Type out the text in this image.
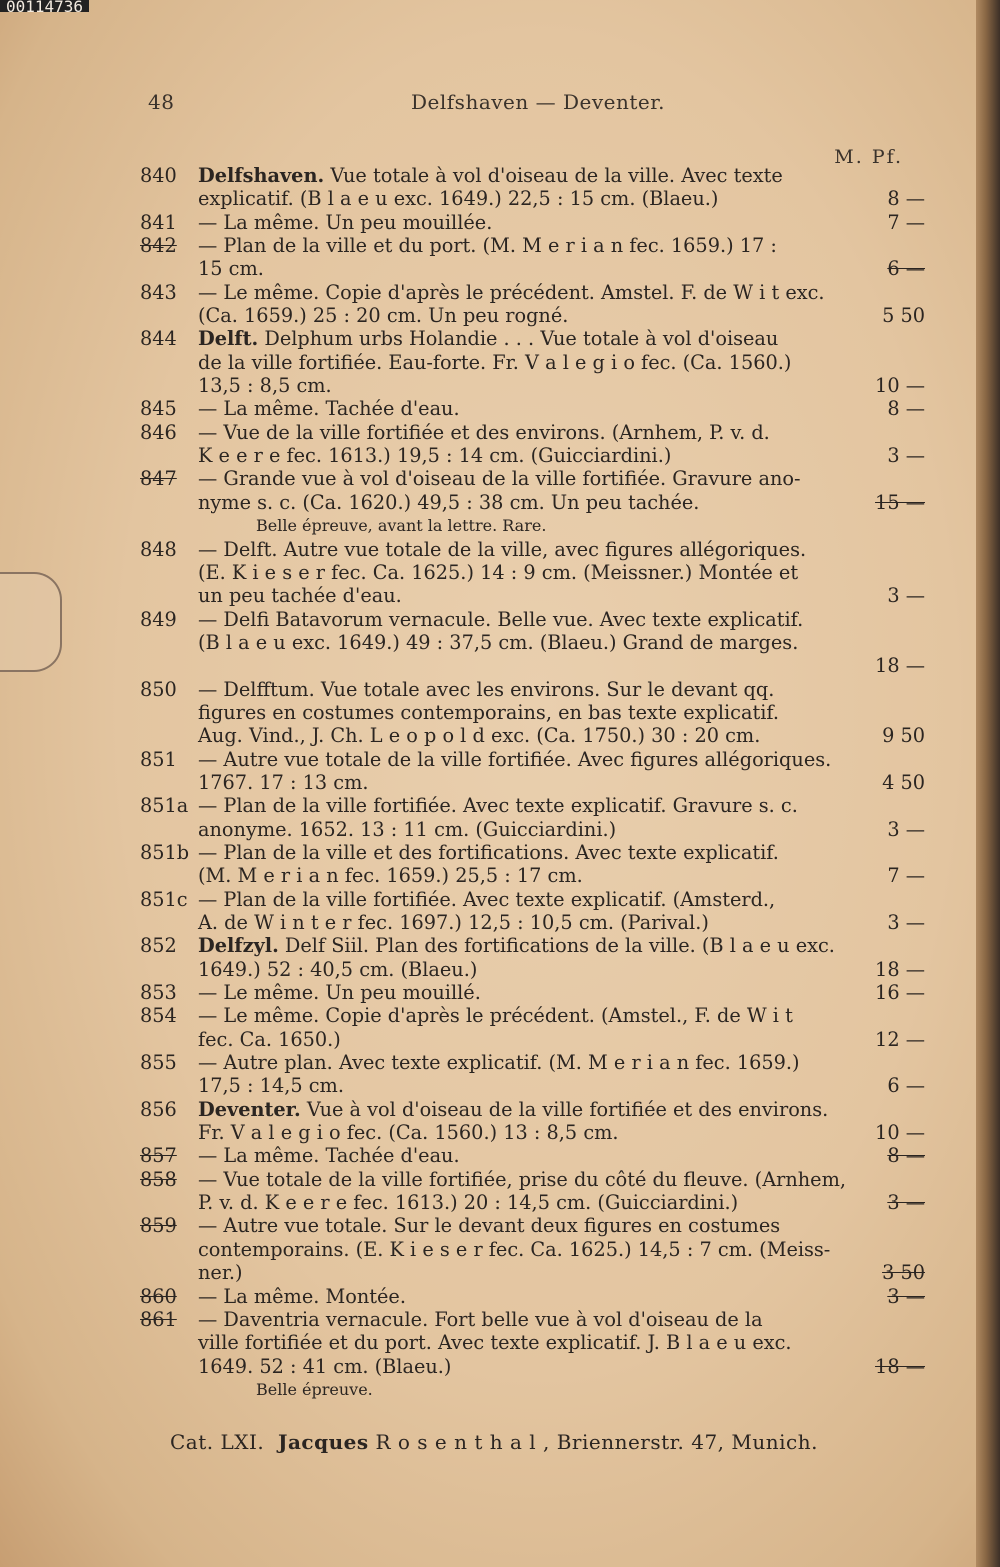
00114736
48	Delfshaven — Deventer.
M. Pf.
840	Delfshaven. Vue totale à vol d'oiseau de la ville. Avec texte
explicatif. (B l a e u exc. 1649.) 22,5 : 15 cm. (Blaeu.)	8 —
841	— La même. Un peu mouillée.	7 —
842	— Plan de la ville et du port. (M. M e r i a n fec. 1659.) 17 :
15 cm.	6 —
843	— Le même. Copie d'après le précédent. Amstel. F. de W i t exc.
(Ca. 1659.) 25 : 20 cm. Un peu rogné.	5 50
844	Delft. Delphum urbs Holandie . . . Vue totale à vol d'oiseau
de la ville fortifiée. Eau-forte. Fr. V a l e g i o fec. (Ca. 1560.)
13,5 : 8,5 cm.	10 —
845	— La même. Tachée d'eau.	8 —
846	— Vue de la ville fortifiée et des environs. (Arnhem, P. v. d.
K e e r e fec. 1613.) 19,5 : 14 cm. (Guicciardini.)	3 —
847	— Grande vue à vol d'oiseau de la ville fortifiée. Gravure ano-
nyme s. c. (Ca. 1620.) 49,5 : 38 cm. Un peu tachée.	15 —
Belle épreuve, avant la lettre. Rare.
848	— Delft. Autre vue totale de la ville, avec figures allégoriques.
(E. K i e s e r fec. Ca. 1625.) 14 : 9 cm. (Meissner.) Montée et
un peu tachée d'eau.	3 —
849	— Delfi Batavorum vernacule. Belle vue. Avec texte explicatif.
(B l a e u exc. 1649.) 49 : 37,5 cm. (Blaeu.) Grand de marges.
18 —
850	— Delfftum. Vue totale avec les environs. Sur le devant qq.
figures en costumes contemporains, en bas texte explicatif.
Aug. Vind., J. Ch. L e o p o l d exc. (Ca. 1750.) 30 : 20 cm.	9 50
851	— Autre vue totale de la ville fortifiée. Avec figures allégoriques.
1767. 17 : 13 cm.	4 50
851a — Plan de la ville fortifiée. Avec texte explicatif. Gravure s. c.
anonyme. 1652. 13 : 11 cm. (Guicciardini.)	3 —
851b — Plan de la ville et des fortifications. Avec texte explicatif.
(M. M e r i a n fec. 1659.) 25,5 : 17 cm.	7 —
851c — Plan de la ville fortifiée. Avec texte explicatif. (Amsterd.,
A. de W i n t e r fec. 1697.) 12,5 : 10,5 cm. (Parival.)	3 —
852	Delfzyl. Delf Siil. Plan des fortifications de la ville. (B l a e u exc.
1649.) 52 : 40,5 cm. (Blaeu.)	18 —
853	— Le même. Un peu mouillé.	16 —
854	— Le même. Copie d'après le précédent. (Amstel., F. de W i t
fec. Ca. 1650.)	12 —
855	— Autre plan. Avec texte explicatif. (M. M e r i a n fec. 1659.)
17,5 : 14,5 cm.	6 —
856	Deventer. Vue à vol d'oiseau de la ville fortifiée et des environs.
Fr. V a l e g i o fec. (Ca. 1560.) 13 : 8,5 cm.	10 —
857	— La même. Tachée d'eau.	8 —
858	— Vue totale de la ville fortifiée, prise du côté du fleuve. (Arnhem,
P. v. d. K e e r e fec. 1613.) 20 : 14,5 cm. (Guicciardini.)	3 —
859	— Autre vue totale. Sur le devant deux figures en costumes
contemporains. (E. K i e s e r fec. Ca. 1625.) 14,5 : 7 cm. (Meiss-
ner.)	3 50
860	— La même. Montée.	3 —
861	— Daventria vernacule. Fort belle vue à vol d'oiseau de la
ville fortifiée et du port. Avec texte explicatif. J. B l a e u exc.
1649. 52 : 41 cm. (Blaeu.)	18 —
Belle épreuve.
Cat. LXI. Jacques R o s e n t h a l , Briennerstr. 47, Munich.
